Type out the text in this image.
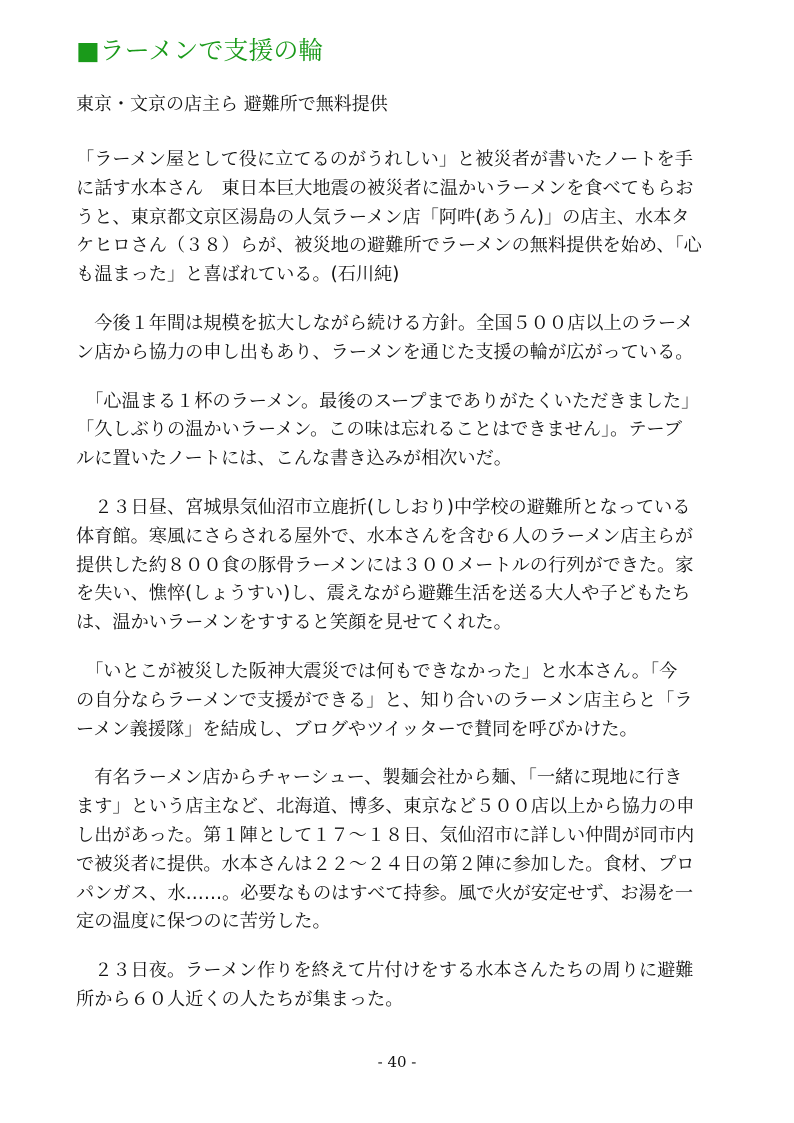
■ラーメンで支援の輪
東京・文京の店主ら 避難所で無料提供

「ラーメン屋として役に立てるのがうれしい」と被災者が書いたノートを手
に話す水本さん　東日本巨大地震の被災者に温かいラーメンを食べてもらお
うと、東京都文京区湯島の人気ラーメン店「阿吽(あうん)」の店主、水本タ
ケヒロさん（３８）らが、被災地の避難所でラーメンの無料提供を始め、「心
も温まった」と喜ばれている。(石川純)

　今後１年間は規模を拡大しながら続ける方針。全国５００店以上のラーメ
ン店から協力の申し出もあり、ラーメンを通じた支援の輪が広がっている。

　「心温まる１杯のラーメン。最後のスープまでありがたくいただきました」
「久しぶりの温かいラーメン。この味は忘れることはできません」。テーブ
ルに置いたノートには、こんな書き込みが相次いだ。

　２３日昼、宮城県気仙沼市立鹿折(ししおり)中学校の避難所となっている
体育館。寒風にさらされる屋外で、水本さんを含む６人のラーメン店主らが
提供した約８００食の豚骨ラーメンには３００メートルの行列ができた。家
を失い、憔悴(しょうすい)し、震えながら避難生活を送る大人や子どもたち
は、温かいラーメンをすすると笑顔を見せてくれた。

　「いとこが被災した阪神大震災では何もできなかった」と水本さん。「今
の自分ならラーメンで支援ができる」と、知り合いのラーメン店主らと「ラ
ーメン義援隊」を結成し、ブログやツイッターで賛同を呼びかけた。

　有名ラーメン店からチャーシュー、製麺会社から麺、「一緒に現地に行き
ます」という店主など、北海道、博多、東京など５００店以上から協力の申
し出があった。第１陣として１７～１８日、気仙沼市に詳しい仲間が同市内
で被災者に提供。水本さんは２２～２４日の第２陣に参加した。食材、プロ
パンガス、水……。必要なものはすべて持参。風で火が安定せず、お湯を一
定の温度に保つのに苦労した。

　２３日夜。ラーメン作りを終えて片付けをする水本さんたちの周りに避難
所から６０人近くの人たちが集まった。

- 40 -
